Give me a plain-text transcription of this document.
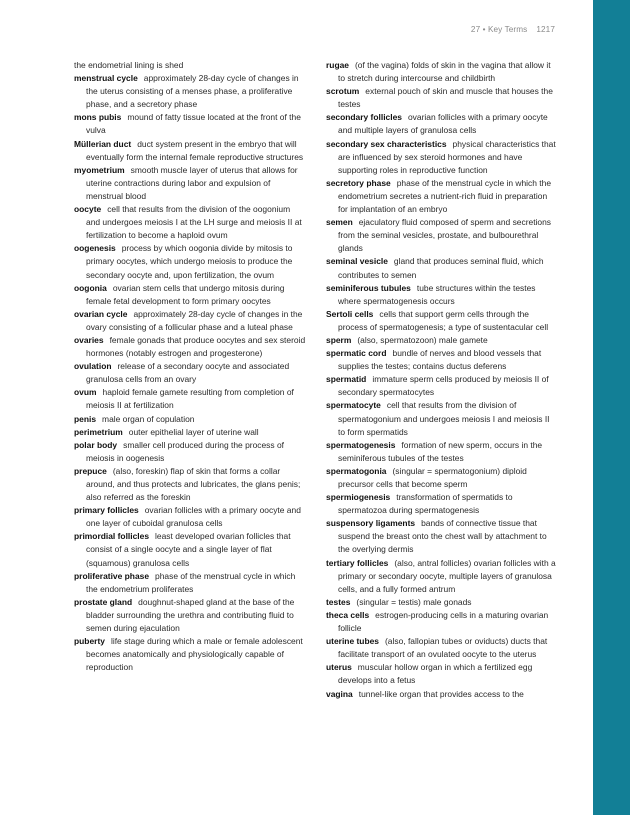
27 • Key Terms 1217
the endometrial lining is shed
menstrual cycle approximately 28-day cycle of changes in the uterus consisting of a menses phase, a proliferative phase, and a secretory phase
mons pubis mound of fatty tissue located at the front of the vulva
Müllerian duct duct system present in the embryo that will eventually form the internal female reproductive structures
myometrium smooth muscle layer of uterus that allows for uterine contractions during labor and expulsion of menstrual blood
oocyte cell that results from the division of the oogonium and undergoes meiosis I at the LH surge and meiosis II at fertilization to become a haploid ovum
oogenesis process by which oogonia divide by mitosis to primary oocytes, which undergo meiosis to produce the secondary oocyte and, upon fertilization, the ovum
oogonia ovarian stem cells that undergo mitosis during female fetal development to form primary oocytes
ovarian cycle approximately 28-day cycle of changes in the ovary consisting of a follicular phase and a luteal phase
ovaries female gonads that produce oocytes and sex steroid hormones (notably estrogen and progesterone)
ovulation release of a secondary oocyte and associated granulosa cells from an ovary
ovum haploid female gamete resulting from completion of meiosis II at fertilization
penis male organ of copulation
perimetrium outer epithelial layer of uterine wall
polar body smaller cell produced during the process of meiosis in oogenesis
prepuce (also, foreskin) flap of skin that forms a collar around, and thus protects and lubricates, the glans penis; also referred as the foreskin
primary follicles ovarian follicles with a primary oocyte and one layer of cuboidal granulosa cells
primordial follicles least developed ovarian follicles that consist of a single oocyte and a single layer of flat (squamous) granulosa cells
proliferative phase phase of the menstrual cycle in which the endometrium proliferates
prostate gland doughnut-shaped gland at the base of the bladder surrounding the urethra and contributing fluid to semen during ejaculation
puberty life stage during which a male or female adolescent becomes anatomically and physiologically capable of reproduction
rugae (of the vagina) folds of skin in the vagina that allow it to stretch during intercourse and childbirth
scrotum external pouch of skin and muscle that houses the testes
secondary follicles ovarian follicles with a primary oocyte and multiple layers of granulosa cells
secondary sex characteristics physical characteristics that are influenced by sex steroid hormones and have supporting roles in reproductive function
secretory phase phase of the menstrual cycle in which the endometrium secretes a nutrient-rich fluid in preparation for implantation of an embryo
semen ejaculatory fluid composed of sperm and secretions from the seminal vesicles, prostate, and bulbourethral glands
seminal vesicle gland that produces seminal fluid, which contributes to semen
seminiferous tubules tube structures within the testes where spermatogenesis occurs
Sertoli cells cells that support germ cells through the process of spermatogenesis; a type of sustentacular cell
sperm (also, spermatozoon) male gamete
spermatic cord bundle of nerves and blood vessels that supplies the testes; contains ductus deferens
spermatid immature sperm cells produced by meiosis II of secondary spermatocytes
spermatocyte cell that results from the division of spermatogonium and undergoes meiosis I and meiosis II to form spermatids
spermatogenesis formation of new sperm, occurs in the seminiferous tubules of the testes
spermatogonia (singular = spermatogonium) diploid precursor cells that become sperm
spermiogenesis transformation of spermatids to spermatozoa during spermatogenesis
suspensory ligaments bands of connective tissue that suspend the breast onto the chest wall by attachment to the overlying dermis
tertiary follicles (also, antral follicles) ovarian follicles with a primary or secondary oocyte, multiple layers of granulosa cells, and a fully formed antrum
testes (singular = testis) male gonads
theca cells estrogen-producing cells in a maturing ovarian follicle
uterine tubes (also, fallopian tubes or oviducts) ducts that facilitate transport of an ovulated oocyte to the uterus
uterus muscular hollow organ in which a fertilized egg develops into a fetus
vagina tunnel-like organ that provides access to the
